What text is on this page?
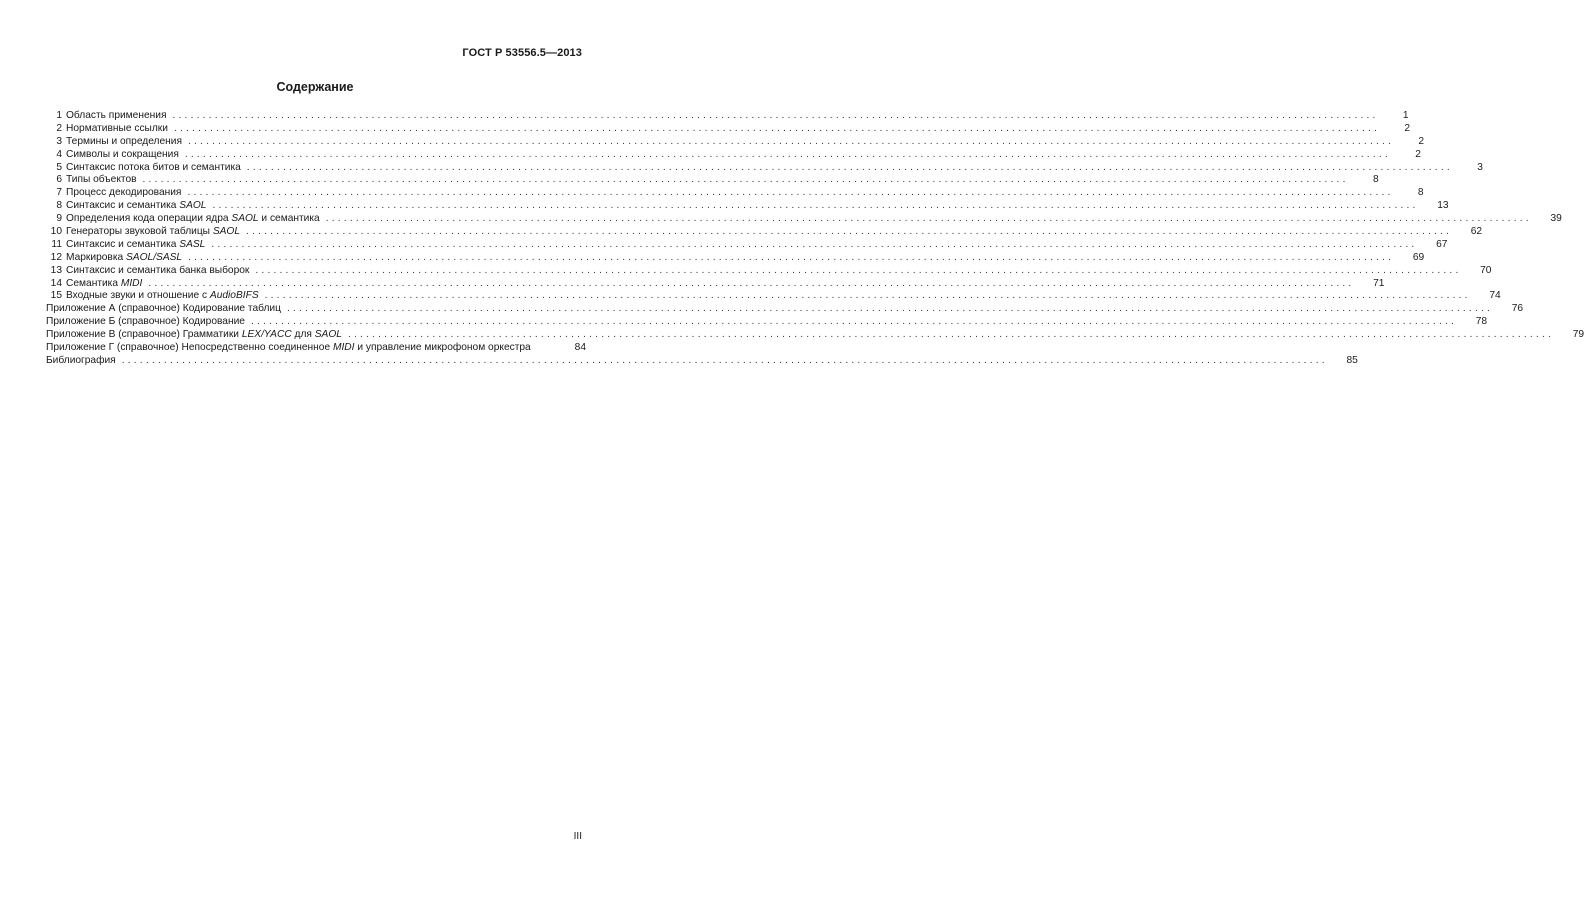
ГОСТ Р 53556.5—2013
Содержание
1 Область применения ........................................................................................................................................................................................................	1
2 Нормативные ссылки ........................................................................................................................................................................................................	2
3 Термины и определения ........................................................................................................................................................................................................	2
4 Символы и сокращения ........................................................................................................................................................................................................	2
5 Синтаксис потока битов и семантика ........................................................................................................................................................................................................	3
6 Типы объектов ........................................................................................................................................................................................................	8
7 Процесс декодирования ........................................................................................................................................................................................................	8
8 Синтаксис и семантика SAOL ........................................................................................................................................................................................................	13
9 Определения кода операции ядра SAOL и семантика ........................................................................................................................................................................................................	39
10 Генераторы звуковой таблицы SAOL ........................................................................................................................................................................................................	62
11 Синтаксис и семантика SASL ........................................................................................................................................................................................................	67
12 Маркировка SAOL/SASL ........................................................................................................................................................................................................	69
13 Синтаксис и семантика банка выборок ........................................................................................................................................................................................................	70
14 Семантика MIDI ........................................................................................................................................................................................................	71
15 Входные звуки и отношение с AudioBIFS ........................................................................................................................................................................................................	74
Приложение А (справочное) Кодирование таблиц ........................................................................................................................................................................................................	76
Приложение Б (справочное) Кодирование ........................................................................................................................................................................................................	78
Приложение В (справочное) Грамматики LEX/YACC для SAOL ........................................................................................................................................................................................................	79
Приложение Г (справочное) Непосредственно соединенное MIDI и управление микрофоном оркестра	84
Библиография ........................................................................................................................................................................................................	85
III
